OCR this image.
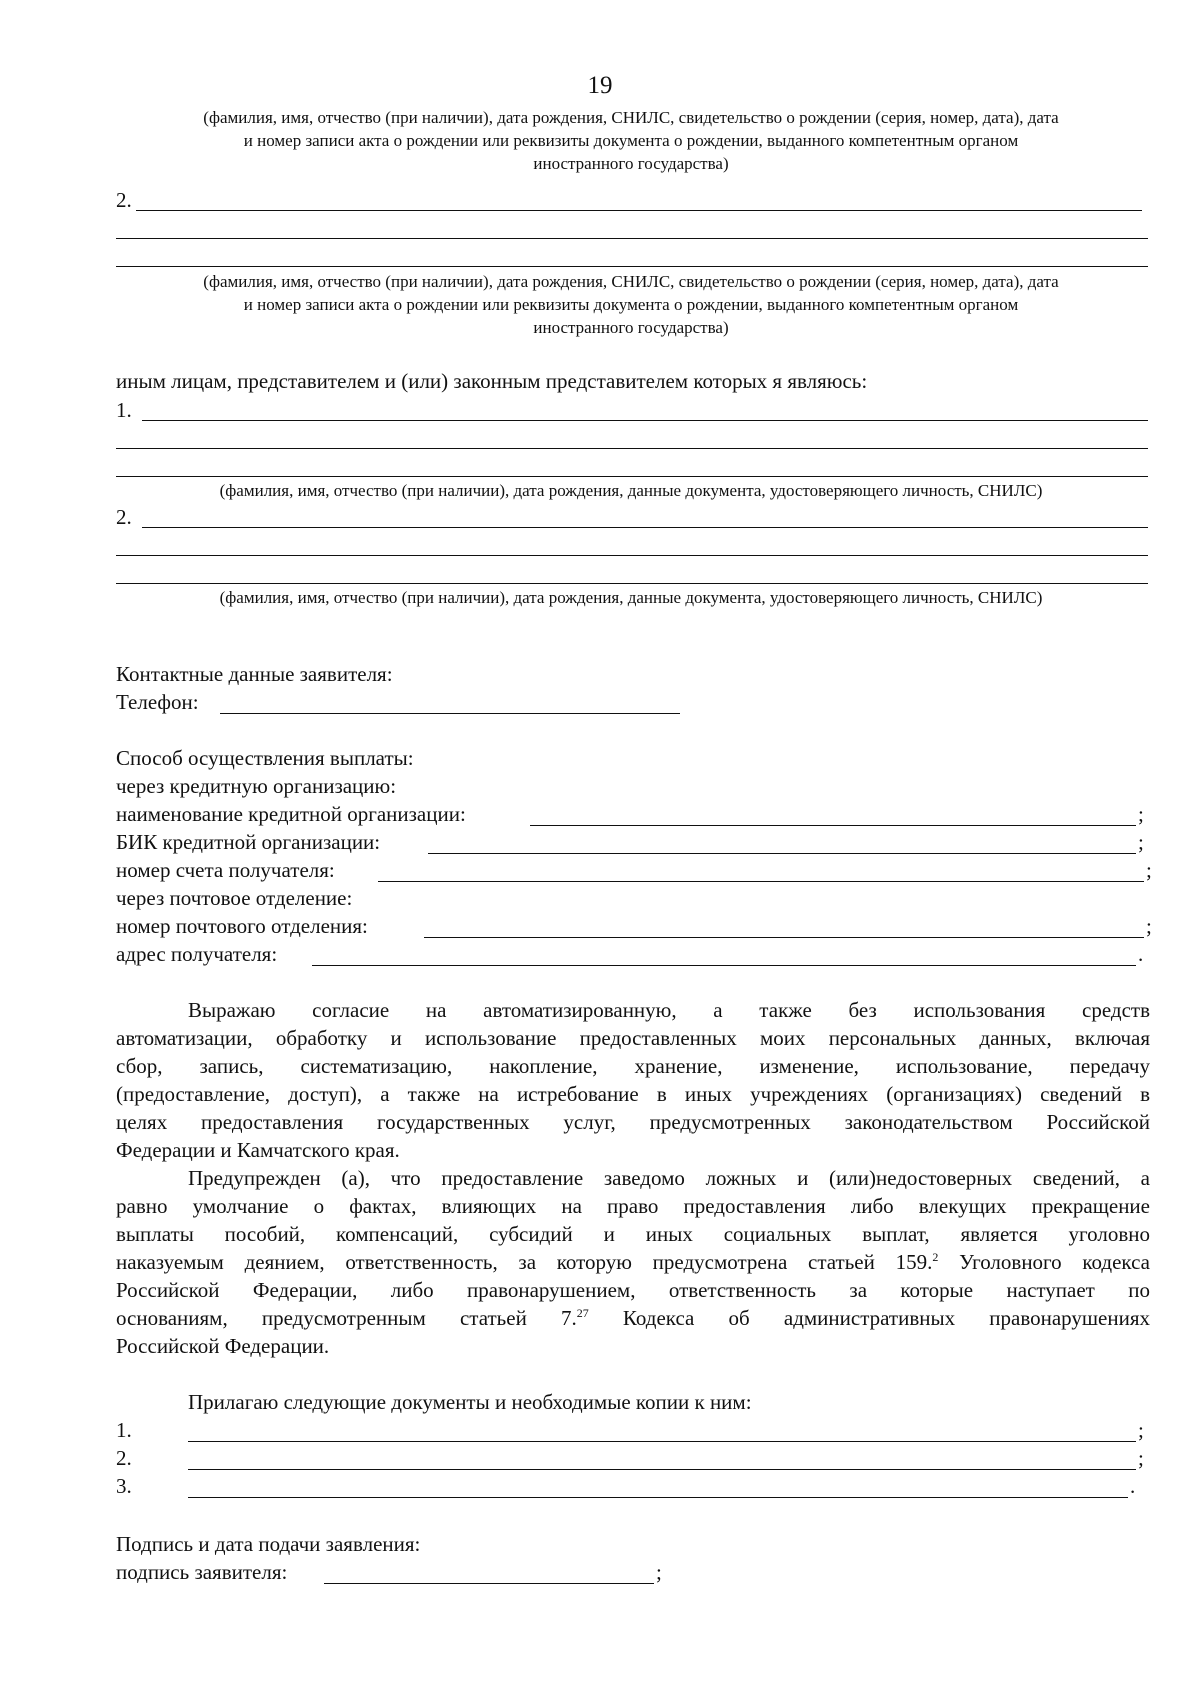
19
(фамилия, имя, отчество (при наличии), дата рождения, СНИЛС, свидетельство о рождении (серия, номер, дата), дата
и номер записи акта о рождении или реквизиты документа о рождении, выданного компетентным органом
иностранного государства)
2.
(фамилия, имя, отчество (при наличии), дата рождения, СНИЛС, свидетельство о рождении (серия, номер, дата), дата
и номер записи акта о рождении или реквизиты документа о рождении, выданного компетентным органом
иностранного государства)
иным лицам, представителем и (или) законным представителем которых я являюсь:
1.
(фамилия, имя, отчество (при наличии), дата рождения, данные документа, удостоверяющего личность, СНИЛС)
2.
(фамилия, имя, отчество (при наличии), дата рождения, данные документа, удостоверяющего личность, СНИЛС)
Контактные данные заявителя:
Телефон:
Способ осуществления выплаты:
через кредитную организацию:
наименование кредитной организации:	;
БИК кредитной организации:	;
номер счета получателя:	;
через почтовое отделение:
номер почтового отделения:	;
адрес получателя:	.
Выражаю согласие на автоматизированную, а также без использования средств
автоматизации, обработку и использование предоставленных моих персональных данных, включая
сбор, запись, систематизацию, накопление, хранение, изменение, использование, передачу
(предоставление, доступ), а также на истребование в иных учреждениях (организациях) сведений в
целях предоставления государственных услуг, предусмотренных законодательством Российской
Федерации и Камчатского края.
Предупрежден (а), что предоставление заведомо ложных и (или)недостоверных сведений, а
равно умолчание о фактах, влияющих на право предоставления либо влекущих прекращение
выплаты пособий, компенсаций, субсидий и иных социальных выплат, является уголовно
наказуемым деянием, ответственность, за которую предусмотрена статьей 159.$^2$ Уголовного кодекса
Российской Федерации, либо правонарушением, ответственность за которые наступает по
основаниям, предусмотренным статьей 7.27 Кодекса об административных правонарушениях
Российской Федерации.
Прилагаю следующие документы и необходимые копии к ним:
1.	;
2.	;
3.	.
Подпись и дата подачи заявления:
подпись заявителя:	;
